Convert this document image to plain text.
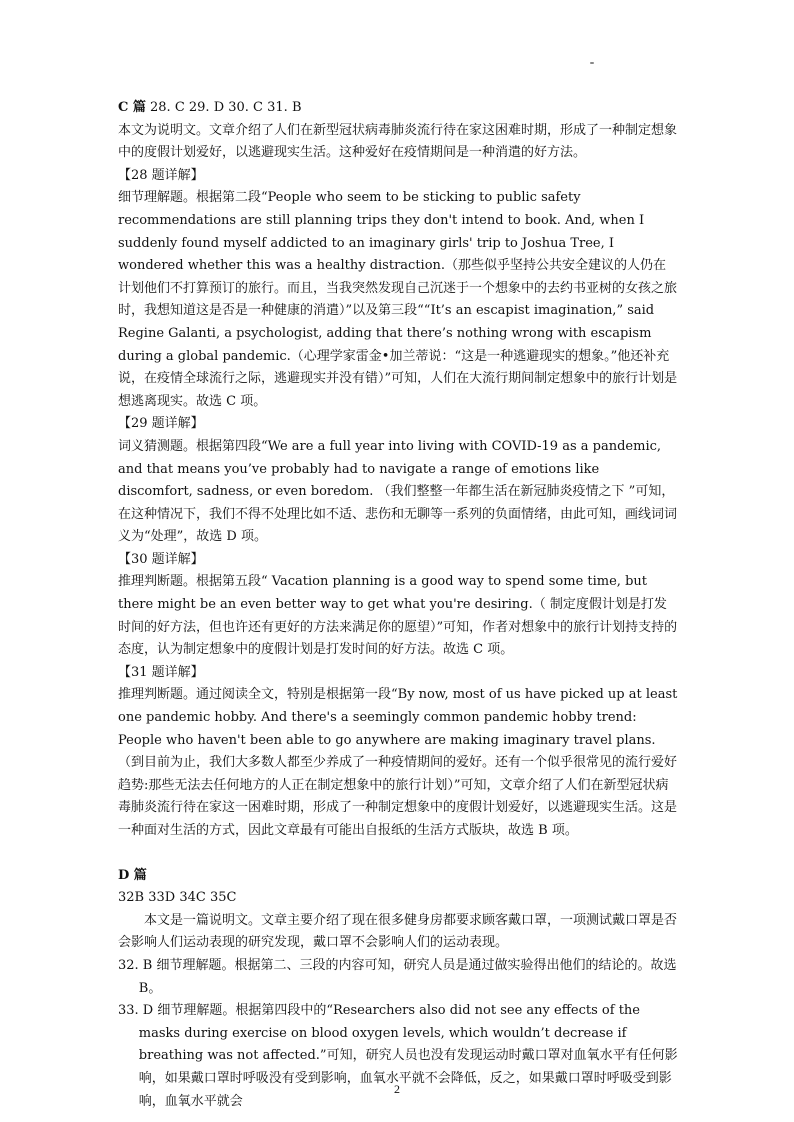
C 篇 28. C 29. D 30. C 31. B

本文为说明文。文章介绍了人们在新型冠状病毒肺炎流行待在家这困难时期，形成了一种制定想象中的度假计划爱好，以逃避现实生活。这种爱好在疫情期间是一种消遣的好方法。

【28 题详解】

细节理解题。根据第二段“People who seem to be sticking to public safety recommendations are still planning trips they don't intend to book. And, when I suddenly found myself addicted to an imaginary girls' trip to Joshua Tree, I wondered whether this was a healthy distraction.（那些似乎坚持公共安全建议的人仍在计划他们不打算预订的旅行。而且，当我突然发现自己沉迷于一个想象中的去约书亚树的女孩之旅时，我想知道这是否是一种健康的消遣）”以及第三段““It’s an escapist imagination,” said Regine Galanti, a psychologist, adding that there’s nothing wrong with escapism during a global pandemic.（心理学家雷金•加兰蒂说：“这是一种逃避现实的想象。”他还补充说，在疫情全球流行之际，逃避现实并没有错）”可知，人们在大流行期间制定想象中的旅行计划是想逃离现实。故选 C 项。

【29 题详解】

词义猜测题。根据第四段“We are a full year into living with COVID-19 as a pandemic, and that means you’ve probably had to navigate a range of emotions like discomfort, sadness, or even boredom. （我们整整一年都生活在新冠肺炎疫情之下 ”可知，在这种情况下，我们不得不处理比如不适、悲伤和无聊等一系列的负面情绪，由此可知，画线词词义为“处理”，故选 D 项。

【30 题详解】

推理判断题。根据第五段“ Vacation planning is a good way to spend some time, but there might be an even better way to get what you're desiring.（ 制定度假计划是打发时间的好方法，但也许还有更好的方法来满足你的愿望）”可知，作者对想象中的旅行计划持支持的态度，认为制定想象中的度假计划是打发时间的好方法。故选 C 项。

【31 题详解】

推理判断题。通过阅读全文，特别是根据第一段“By now, most of us have picked up at least one pandemic hobby. And there's a seemingly common pandemic hobby trend: People who haven't been able to go anywhere are making imaginary travel plans. （到目前为止，我们大多数人都至少养成了一种疫情期间的爱好。还有一个似乎很常见的流行爱好趋势:那些无法去任何地方的人正在制定想象中的旅行计划）”可知，文章介绍了人们在新型冠状病毒肺炎流行待在家这一困难时期，形成了一种制定想象中的度假计划爱好，以逃避现实生活。这是一种面对生活的方式，因此文章最有可能出自报纸的生活方式版块，故选 B 项。

D 篇

32B 33D 34C 35C

本文是一篇说明文。文章主要介绍了现在很多健身房都要求顾客戴口罩，一项测试戴口罩是否会影响人们运动表现的研究发现，戴口罩不会影响人们的运动表现。

32. B 细节理解题。根据第二、三段的内容可知，研究人员是通过做实验得出他们的结论的。故选 B。

33. D 细节理解题。根据第四段中的“Researchers also did not see any effects of the masks during exercise on blood oxygen levels, which wouldn’t decrease if breathing was not affected.”可知，研究人员也没有发现运动时戴口罩对血氧水平有任何影响，如果戴口罩时呼吸没有受到影响，血氧水平就不会降低，反之，如果戴口罩时呼吸受到影响，血氧水平就会

2
